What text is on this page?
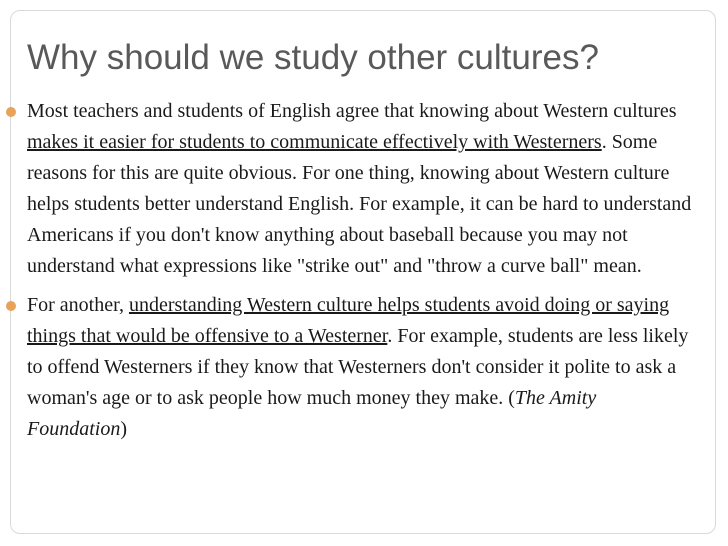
Why should we study other cultures?
Most teachers and students of English agree that knowing about Western cultures makes it easier for students to communicate effectively with Westerners. Some reasons for this are quite obvious. For one thing, knowing about Western culture helps students better understand English. For example, it can be hard to understand Americans if you don't know anything about baseball because you may not understand what expressions like "strike out" and "throw a curve ball" mean.
For another, understanding Western culture helps students avoid doing or saying things that would be offensive to a Westerner. For example, students are less likely to offend Westerners if they know that Westerners don't consider it polite to ask a woman's age or to ask people how much money they make. (The Amity Foundation)
